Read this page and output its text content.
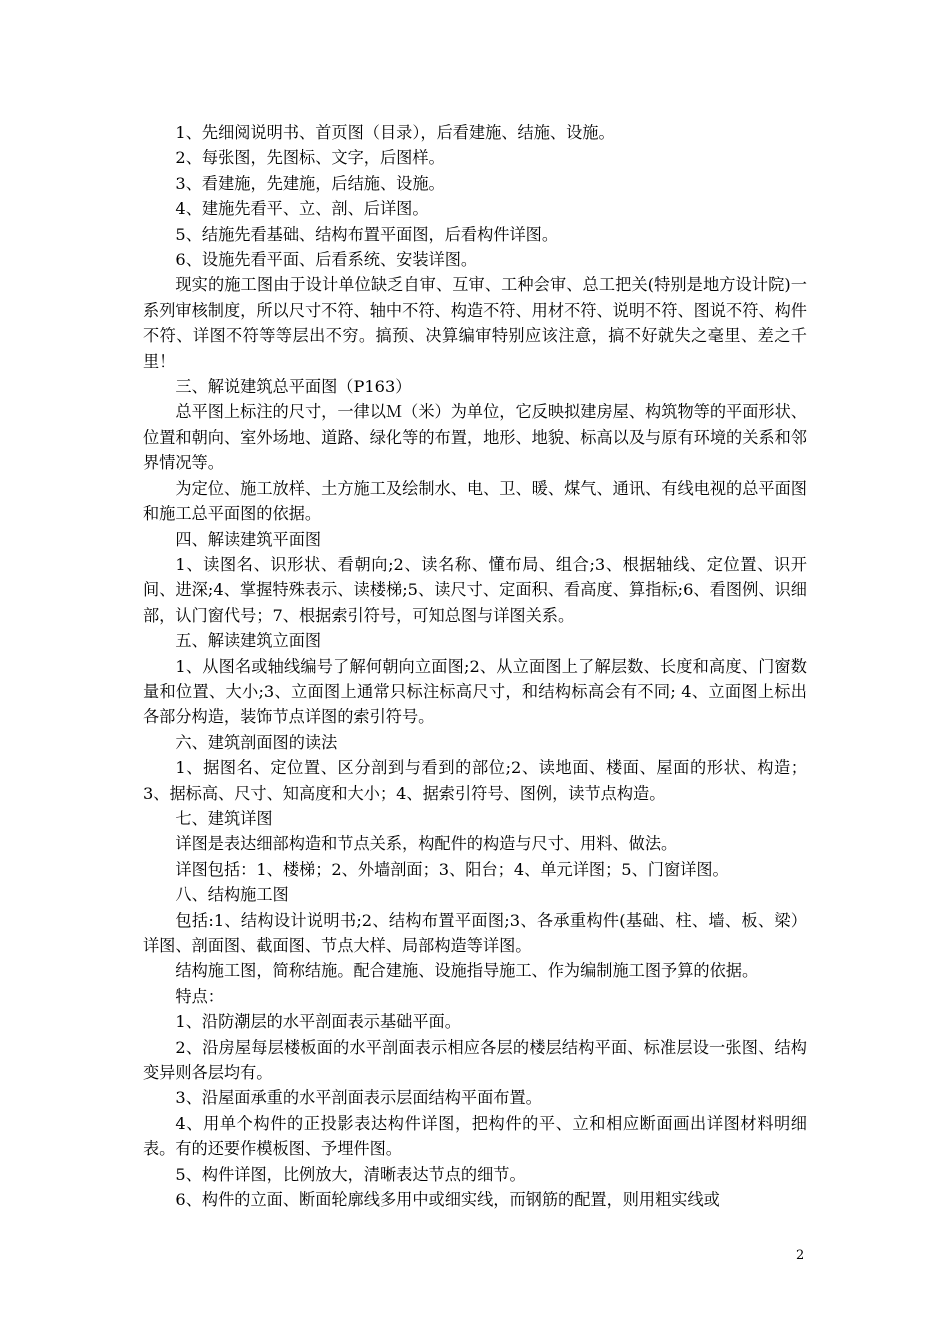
1、先细阅说明书、首页图（目录），后看建施、结施、设施。

2、每张图，先图标、文字，后图样。

3、看建施，先建施，后结施、设施。

4、建施先看平、立、剖、后详图。

5、结施先看基础、结构布置平面图，后看构件详图。

6、设施先看平面、后看系统、安装详图。

现实的施工图由于设计单位缺乏自审、互审、工种会审、总工把关(特别是地方设计院)一系列审核制度，所以尺寸不符、轴中不符、构造不符、用材不符、说明不符、图说不符、构件不符、详图不符等等层出不穷。搞预、决算编审特别应该注意，搞不好就失之毫里、差之千里！

三、解说建筑总平面图（P163）

总平图上标注的尺寸，一律以Ｍ（米）为单位，它反映拟建房屋、构筑物等的平面形状、位置和朝向、室外场地、道路、绿化等的布置，地形、地貌、标高以及与原有环境的关系和邻界情况等。

为定位、施工放样、土方施工及绘制水、电、卫、暖、煤气、通讯、有线电视的总平面图和施工总平面图的依据。

四、解读建筑平面图

1、读图名、识形状、看朝向;2、读名称、懂布局、组合;3、根据轴线、定位置、识开间、进深;4、掌握特殊表示、读楼梯;5、读尺寸、定面积、看高度、算指标;6、看图例、识细部，认门窗代号；7、根据索引符号，可知总图与详图关系。

五、解读建筑立面图

1、从图名或轴线编号了解何朝向立面图;2、从立面图上了解层数、长度和高度、门窗数量和位置、大小;3、立面图上通常只标注标高尺寸，和结构标高会有不同; 4、立面图上标出各部分构造，装饰节点详图的索引符号。

六、建筑剖面图的读法

1、据图名、定位置、区分剖到与看到的部位;2、读地面、楼面、屋面的形状、构造；3、据标高、尺寸、知高度和大小；4、据索引符号、图例，读节点构造。

七、建筑详图

详图是表达细部构造和节点关系，构配件的构造与尺寸、用料、做法。

详图包括：1、楼梯；2、外墙剖面；3、阳台；4、单元详图；5、门窗详图。

八、结构施工图

包括:1、结构设计说明书;2、结构布置平面图;3、各承重构件(基础、柱、墙、板、梁）详图、剖面图、截面图、节点大样、局部构造等详图。

结构施工图，简称结施。配合建施、设施指导施工、作为编制施工图予算的依据。

特点：

1、沿防潮层的水平剖面表示基础平面。

2、沿房屋每层楼板面的水平剖面表示相应各层的楼层结构平面、标准层设一张图、结构变异则各层均有。

3、沿屋面承重的水平剖面表示层面结构平面布置。

4、用单个构件的正投影表达构件详图，把构件的平、立和相应断面画出详图材料明细表。有的还要作模板图、予埋件图。

5、构件详图，比例放大，清晰表达节点的细节。

6、构件的立面、断面轮廓线多用中或细实线，而钢筋的配置，则用粗实线或

2
